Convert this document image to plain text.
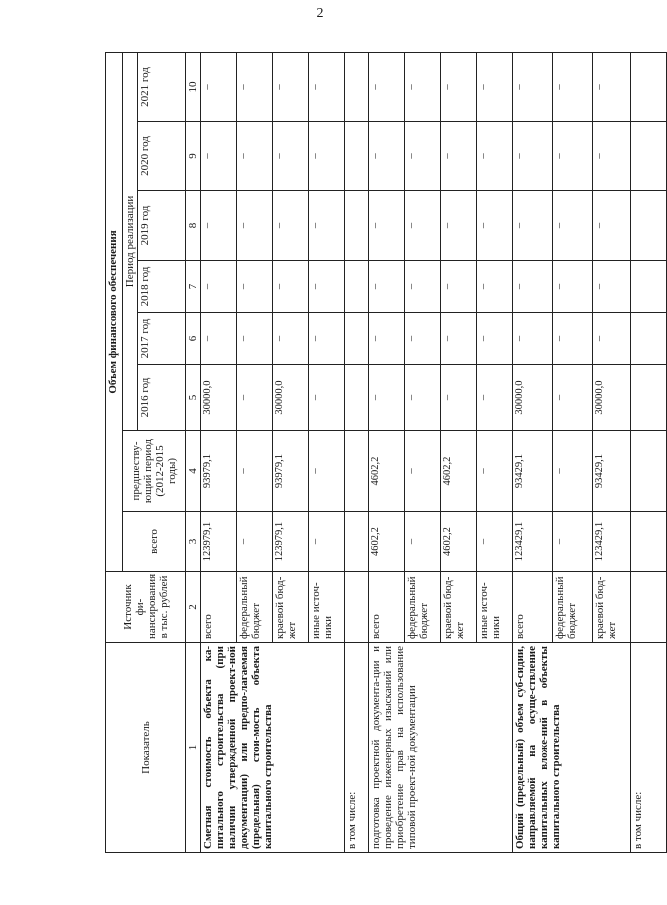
2
Показатель	Источник фи-нансирования в тыс. рублей	Объем финансового обеспечения							
		всего	предшеству-ющий период (2012-2015 годы)	Период реализации					
				2016 год	2017 год	2018 год	2019 год	2020 год	2021 год
1	2	3	4	5	6	7	8	9	10
Сметная стоимость объекта ка-питального строительства (при наличии утвержденной проект-ной документации) или предпо-лагаемая (предельная) стои-мость объекта капитального строительства	всего	123979,1	93979,1	30000,0	–	–	–	–	–
	федеральный бюджет	–	–	–	–	–	–	–	–
	краевой бюд-жет	123979,1	93979,1	30000,0	–	–	–	–	–
	иные источ-ники	–	–	–	–	–	–	–	–
в том числе:									
подготовка проектной документа-ции и проведение инженерных изысканий или приобретение прав на использование типовой проект-ной документации	всего	4602,2	4602,2	–	–	–	–	–	–
	федеральный бюджет	–	–	–	–	–	–	–	–
	краевой бюд-жет	4602,2	4602,2	–	–	–	–	–	–
	иные источ-ники	–	–	–	–	–	–	–	–
Общий (предельный) объем суб-сидии, направляемой на осуще-ствление капитальных вложе-ний в объекты капитального строительства	всего	123429,1	93429,1	30000,0	–	–	–	–	–
	федеральный бюджет	–	–	–	–	–	–	–	–
	краевой бюд-жет	123429,1	93429,1	30000,0	–	–	–	–	–
в том числе:									
